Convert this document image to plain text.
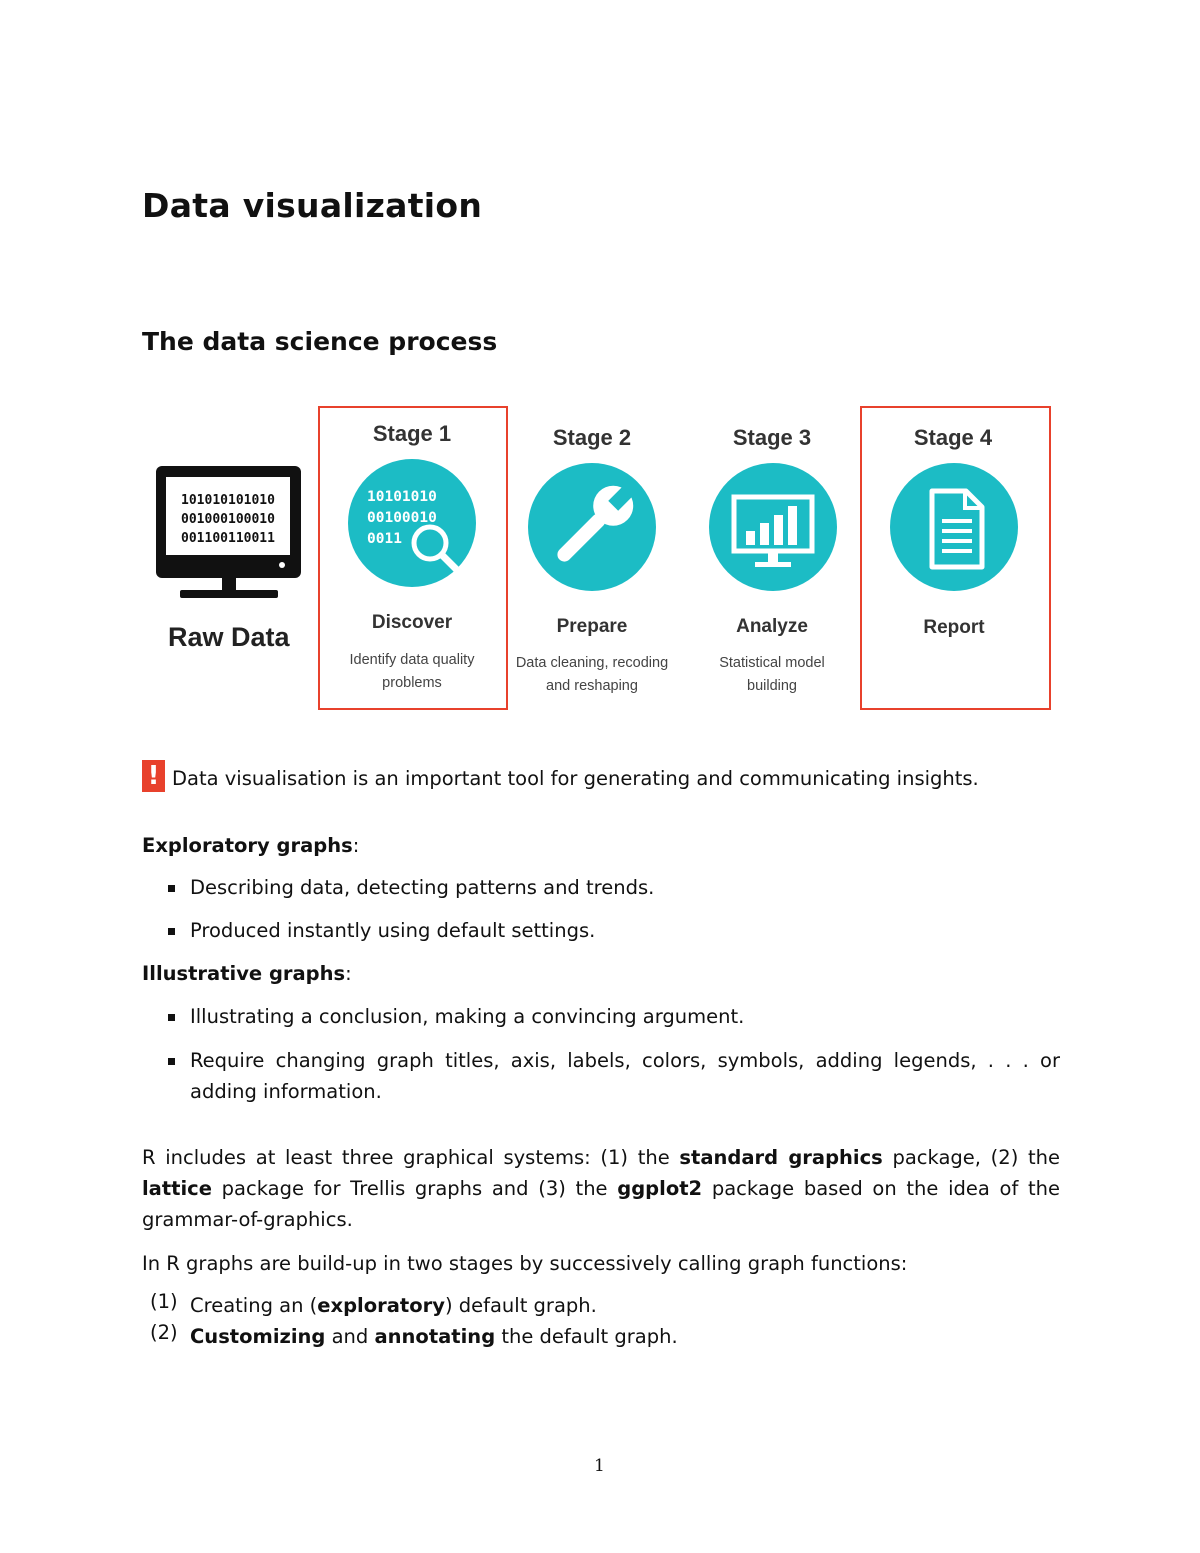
Data visualization
The data science process
101010101010
001000100010
001100110011
Raw Data
Stage 1
10101010
00100010
0011
Discover
Identify data quality
problems
Stage 2
Prepare
Data cleaning, recoding
and reshaping
Stage 3
Analyze
Statistical model
building
Stage 4
Report
! Data visualisation is an important tool for generating and communicating insights.
Exploratory graphs:
Describing data, detecting patterns and trends.
Produced instantly using default settings.
Illustrative graphs:
Illustrating a conclusion, making a convincing argument.
Require changing graph titles, axis, labels, colors, symbols, adding legends, . . . or adding information.
R includes at least three graphical systems: (1) the standard graphics package, (2) the lattice package for Trellis graphs and (3) the ggplot2 package based on the idea of the grammar-of-graphics.
In R graphs are build-up in two stages by successively calling graph functions:
(1) Creating an (exploratory) default graph.
(2) Customizing and annotating the default graph.
1
